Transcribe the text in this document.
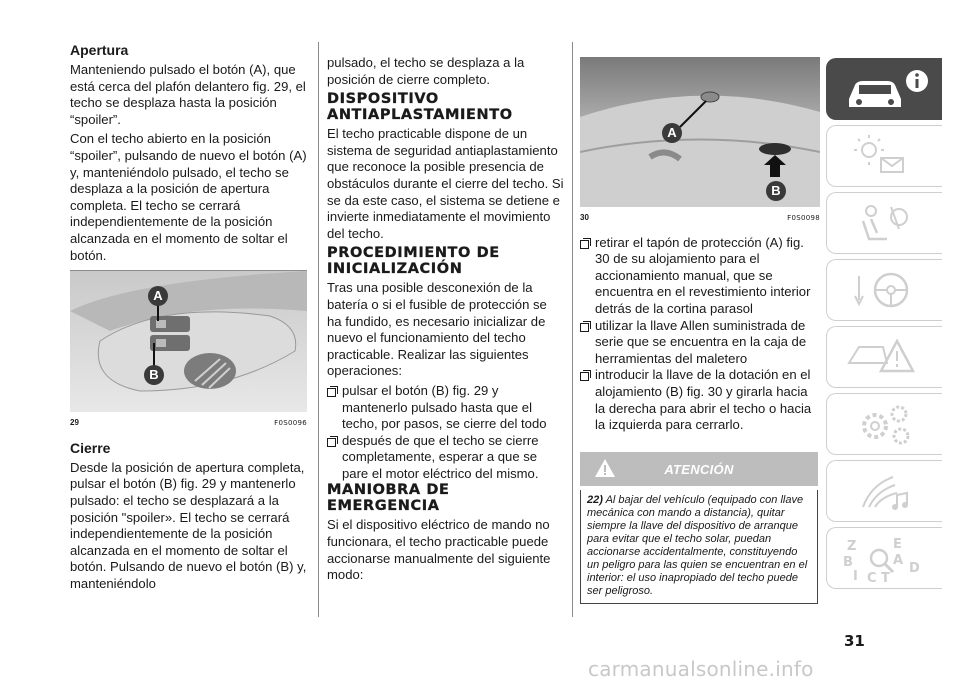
Apertura

Manteniendo pulsado el botón (A), que está cerca del plafón delantero fig. 29, el techo se desplaza hasta la posición “spoiler”.

Con el techo abierto en la posición “spoiler”, pulsando de nuevo el botón (A) y, manteniéndolo pulsado, el techo se desplaza a la posición de apertura completa. El techo se cerrará independientemente de la posición alcanzada en el momento de soltar el botón.

A
B
29	F0S0096

Cierre

Desde la posición de apertura completa, pulsar el botón (B) fig. 29 y mantenerlo pulsado: el techo se desplazará a la posición "spoiler». El techo se cerrará independientemente de la posición alcanzada en el momento de soltar el botón. Pulsando de nuevo el botón (B) y, manteniéndolo

pulsado, el techo se desplaza a la posición de cierre completo.

DISPOSITIVO ANTIAPLASTAMIENTO

El techo practicable dispone de un sistema de seguridad antiaplastamiento que reconoce la posible presencia de obstáculos durante el cierre del techo. Si se da este caso, el sistema se detiene e invierte inmediatamente el movimiento del techo.

PROCEDIMIENTO DE INICIALIZACIÓN

Tras una posible desconexión de la batería o si el fusible de protección se ha fundido, es necesario inicializar de nuevo el funcionamiento del techo practicable. Realizar las siguientes operaciones:

pulsar el botón (B) fig. 29 y mantenerlo pulsado hasta que el techo, por pasos, se cierre del todo
después de que el techo se cierre completamente, esperar a que se pare el motor eléctrico del mismo.

MANIOBRA DE EMERGENCIA

Si el dispositivo eléctrico de mando no funcionara, el techo practicable puede accionarse manualmente del siguiente modo:

A
B
30	F0S0098
retirar el tapón de protección (A) fig. 30 de su alojamiento para el accionamiento manual, que se encuentra en el revestimiento interior detrás de la cortina parasol
utilizar la llave Allen suministrada de serie que se encuentra en la caja de herramientas del maletero
introducir la llave de la dotación en el alojamiento (B) fig. 30 y girarla hacia la derecha para abrir el techo o hacia la izquierda para cerrarlo.
ATENCIÓN
22) Al bajar del vehículo (equipado con llave mecánica con mando a distancia), quitar siempre la llave del dispositivo de arranque para evitar que el techo solar, puedan accionarse accidentalmente, constituyendo un peligro para las quien se encuentran en el interior: el uso inapropiado del techo puede ser peligroso.
Z	E
B	A
D
I C T
31
carmanualsonline.info
